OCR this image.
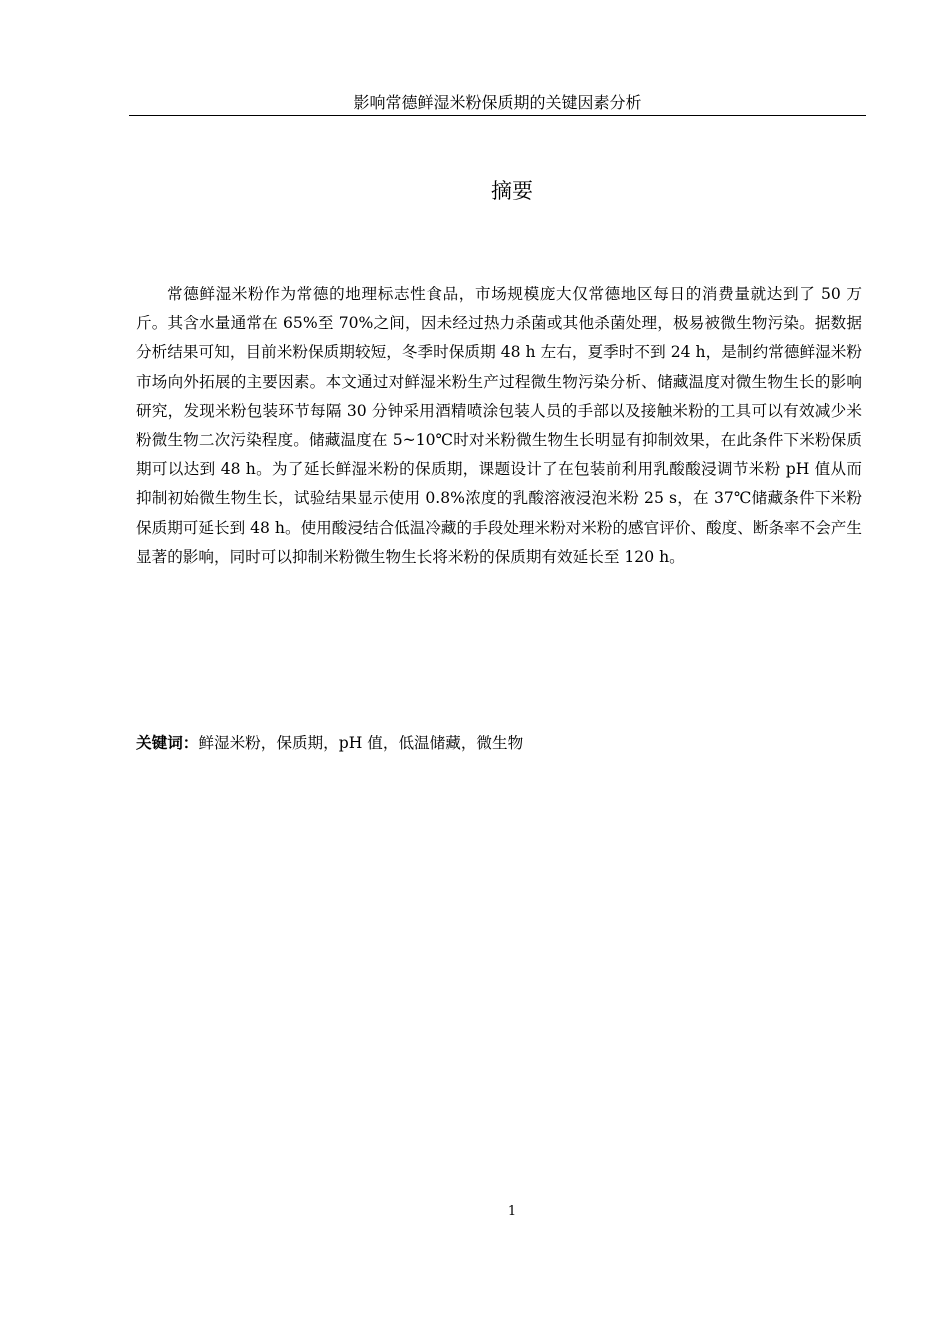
影响常德鲜湿米粉保质期的关键因素分析
摘要

常德鲜湿米粉作为常德的地理标志性食品，市场规模庞大仅常德地区每日的消费量就达到了 50 万斤。其含水量通常在 65%至 70%之间，因未经过热力杀菌或其他杀菌处理，极易被微生物污染。据数据分析结果可知，目前米粉保质期较短，冬季时保质期 48 h 左右，夏季时不到 24 h，是制约常德鲜湿米粉市场向外拓展的主要因素。本文通过对鲜湿米粉生产过程微生物污染分析、储藏温度对微生物生长的影响研究，发现米粉包装环节每隔 30 分钟采用酒精喷涂包装人员的手部以及接触米粉的工具可以有效减少米粉微生物二次污染程度。储藏温度在 5~10℃时对米粉微生物生长明显有抑制效果，在此条件下米粉保质期可以达到 48 h。为了延长鲜湿米粉的保质期，课题设计了在包装前利用乳酸酸浸调节米粉 pH 值从而抑制初始微生物生长，试验结果显示使用 0.8%浓度的乳酸溶液浸泡米粉 25 s，在 37℃储藏条件下米粉保质期可延长到 48 h。使用酸浸结合低温冷藏的手段处理米粉对米粉的感官评价、酸度、断条率不会产生显著的影响，同时可以抑制米粉微生物生长将米粉的保质期有效延长至 120 h。

关键词：鲜湿米粉，保质期，pH 值，低温储藏，微生物

1
